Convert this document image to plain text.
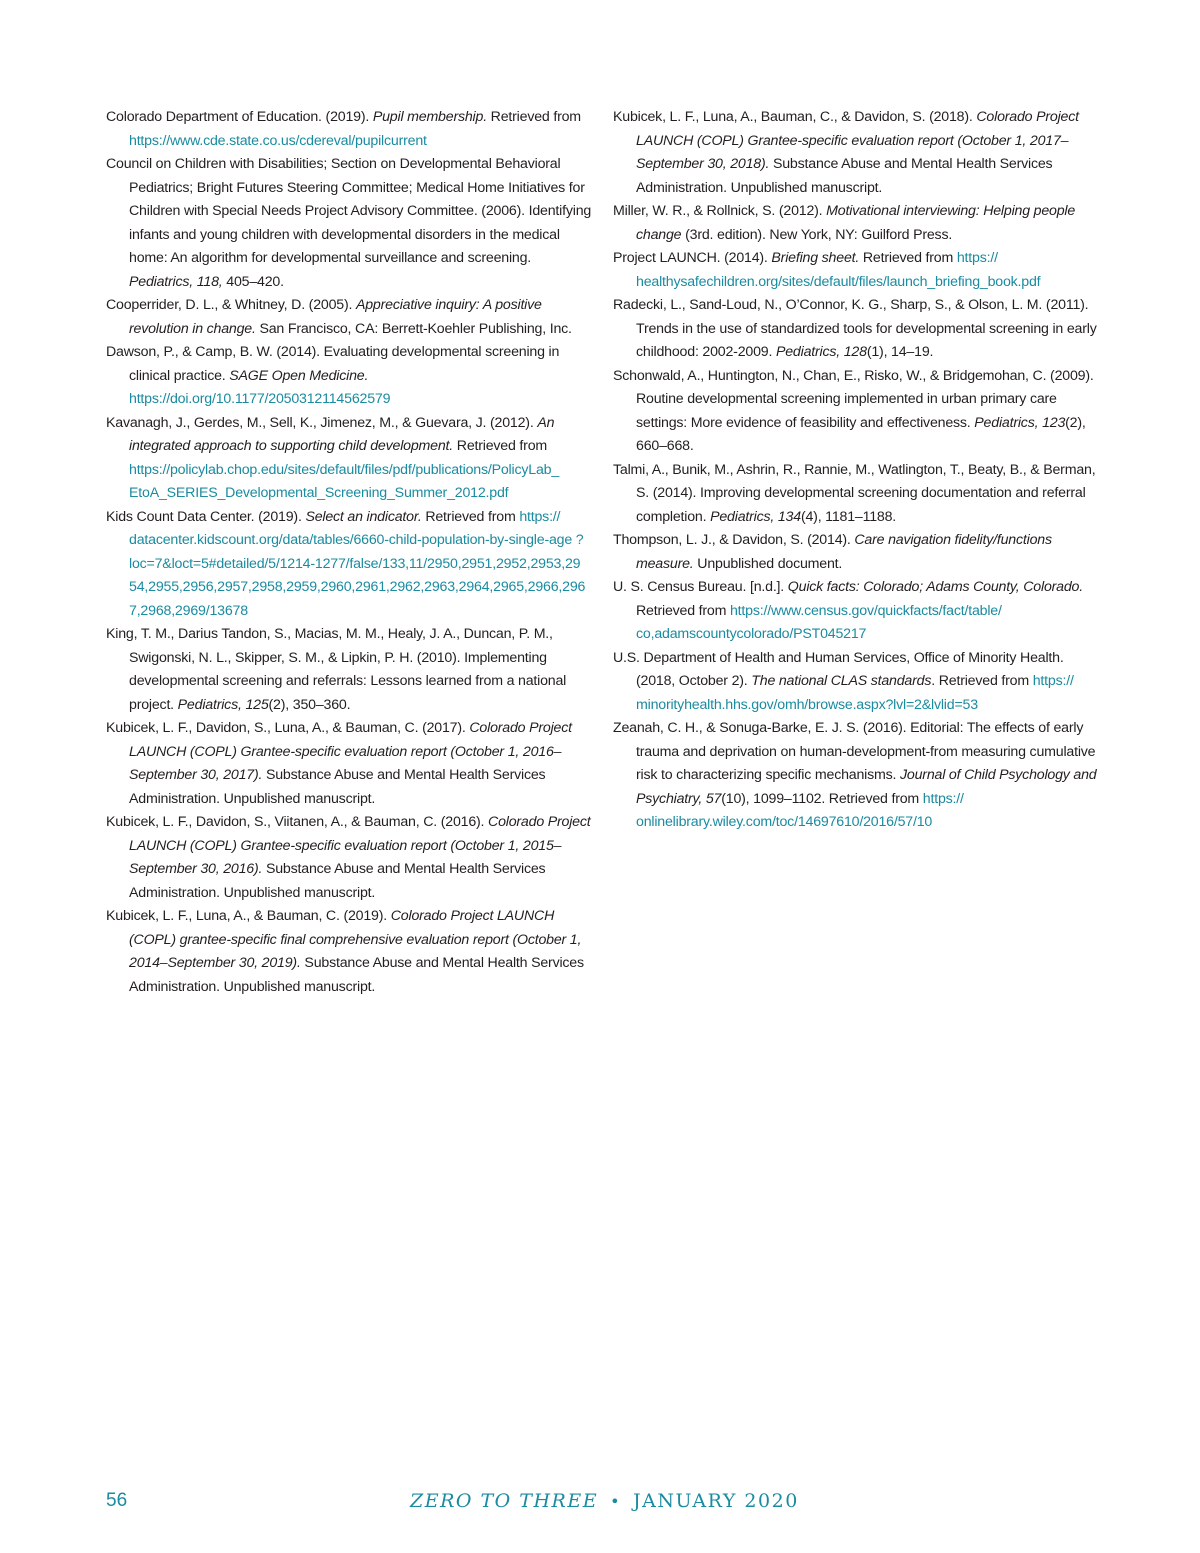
Colorado Department of Education. (2019). Pupil membership. Retrieved from https://www.cde.state.co.us/cdereval/pupilcurrent

Council on Children with Disabilities; Section on Developmental Behavioral Pediatrics; Bright Futures Steering Committee; Medical Home Initiatives for Children with Special Needs Project Advisory Committee. (2006). Identifying infants and young children with developmental disorders in the medical home: An algorithm for developmental surveillance and screening. Pediatrics, 118, 405–420.

Cooperrider, D. L., & Whitney, D. (2005). Appreciative inquiry: A positive revolution in change. San Francisco, CA: Berrett-Koehler Publishing, Inc.

Dawson, P., & Camp, B. W. (2014). Evaluating developmental screening in clinical practice. SAGE Open Medicine. https://doi.org/10.1177/2050312114562579

Kavanagh, J., Gerdes, M., Sell, K., Jimenez, M., & Guevara, J. (2012). An integrated approach to supporting child development. Retrieved from https://policylab.chop.edu/sites/default/files/pdf/publications/PolicyLab_ EtoA_SERIES_Developmental_Screening_Summer_2012.pdf

Kids Count Data Center. (2019). Select an indicator. Retrieved from https:// datacenter.kidscount.org/data/tables/6660-child-population-by-single-age ?loc=7&loct=5#detailed/5/1214-1277/false/133,11/2950,2951,2952,2953,29 54,2955,2956,2957,2958,2959,2960,2961,2962,2963,2964,2965,2966,296 7,2968,2969/13678

King, T. M., Darius Tandon, S., Macias, M. M., Healy, J. A., Duncan, P. M., Swigonski, N. L., Skipper, S. M., & Lipkin, P. H. (2010). Implementing developmental screening and referrals: Lessons learned from a national project. Pediatrics, 125(2), 350–360.

Kubicek, L. F., Davidon, S., Luna, A., & Bauman, C. (2017). Colorado Project LAUNCH (COPL) Grantee-specific evaluation report (October 1, 2016–September 30, 2017). Substance Abuse and Mental Health Services Administration. Unpublished manuscript.

Kubicek, L. F., Davidon, S., Viitanen, A., & Bauman, C. (2016). Colorado Project LAUNCH (COPL) Grantee-specific evaluation report (October 1, 2015–September 30, 2016). Substance Abuse and Mental Health Services Administration. Unpublished manuscript.

Kubicek, L. F., Luna, A., & Bauman, C. (2019). Colorado Project LAUNCH (COPL) grantee-specific final comprehensive evaluation report (October 1, 2014–September 30, 2019). Substance Abuse and Mental Health Services Administration. Unpublished manuscript.

Kubicek, L. F., Luna, A., Bauman, C., & Davidon, S. (2018). Colorado Project LAUNCH (COPL) Grantee-specific evaluation report (October 1, 2017–September 30, 2018). Substance Abuse and Mental Health Services Administration. Unpublished manuscript.

Miller, W. R., & Rollnick, S. (2012). Motivational interviewing: Helping people change (3rd. edition). New York, NY: Guilford Press.

Project LAUNCH. (2014). Briefing sheet. Retrieved from https:// healthysafechildren.org/sites/default/files/launch_briefing_book.pdf

Radecki, L., Sand-Loud, N., O’Connor, K. G., Sharp, S., & Olson, L. M. (2011). Trends in the use of standardized tools for developmental screening in early childhood: 2002-2009. Pediatrics, 128(1), 14–19.

Schonwald, A., Huntington, N., Chan, E., Risko, W., & Bridgemohan, C. (2009). Routine developmental screening implemented in urban primary care settings: More evidence of feasibility and effectiveness. Pediatrics, 123(2), 660–668.

Talmi, A., Bunik, M., Ashrin, R., Rannie, M., Watlington, T., Beaty, B., & Berman, S. (2014). Improving developmental screening documentation and referral completion. Pediatrics, 134(4), 1181–1188.

Thompson, L. J., & Davidon, S. (2014). Care navigation fidelity/functions measure. Unpublished document.

U. S. Census Bureau. [n.d.]. Quick facts: Colorado; Adams County, Colorado. Retrieved from https://www.census.gov/quickfacts/fact/table/ co,adamscountycolorado/PST045217

U.S. Department of Health and Human Services, Office of Minority Health. (2018, October 2). The national CLAS standards. Retrieved from https:// minorityhealth.hhs.gov/omh/browse.aspx?lvl=2&lvlid=53

Zeanah, C. H., & Sonuga-Barke, E. J. S. (2016). Editorial: The effects of early trauma and deprivation on human-development-from measuring cumulative risk to characterizing specific mechanisms. Journal of Child Psychology and Psychiatry, 57(10), 1099–1102. Retrieved from https:// onlinelibrary.wiley.com/toc/14697610/2016/57/10

56	ZERO TO THREE • JANUARY 2020
